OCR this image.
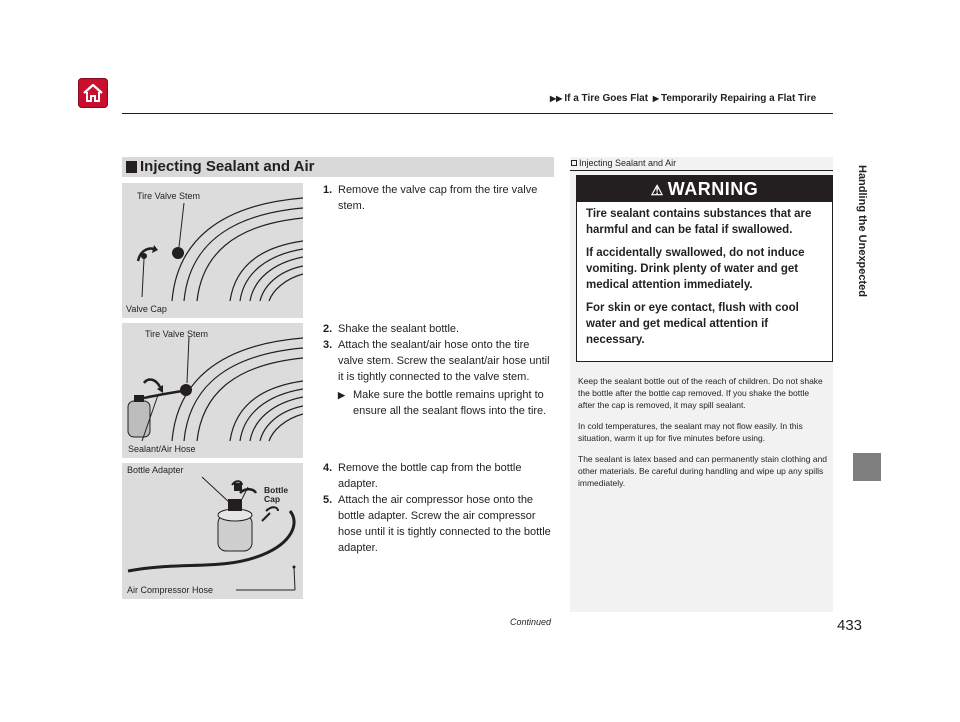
▶▶ If a Tire Goes Flat ▶ Temporarily Repairing a Flat Tire
Handling the Unexpected
Injecting Sealant and Air
Tire Valve Stem
Valve Cap
Tire Valve Stem
Sealant/Air Hose
Bottle Adapter
Bottle
Cap
Air Compressor Hose
1. Remove the valve cap from the tire valve stem.
2. Shake the sealant bottle.
3. Attach the sealant/air hose onto the tire valve stem. Screw the sealant/air hose until it is tightly connected to the valve stem.
▶ Make sure the bottle remains upright to ensure all the sealant flows into the tire.
4. Remove the bottle cap from the bottle adapter.
5. Attach the air compressor hose onto the bottle adapter. Screw the air compressor hose until it is tightly connected to the bottle adapter.
Injecting Sealant and Air
⚠ WARNING

Tire sealant contains substances that are harmful and can be fatal if swallowed.

If accidentally swallowed, do not induce vomiting. Drink plenty of water and get medical attention immediately.

For skin or eye contact, flush with cool water and get medical attention if necessary.

Keep the sealant bottle out of the reach of children. Do not shake the bottle after the bottle cap removed. If you shake the bottle after the cap is removed, it may spill sealant.

In cold temperatures, the sealant may not flow easily. In this situation, warm it up for five minutes before using.

The sealant is latex based and can permanently stain clothing and other materials. Be careful during handling and wipe up any spills immediately.

Continued	433
